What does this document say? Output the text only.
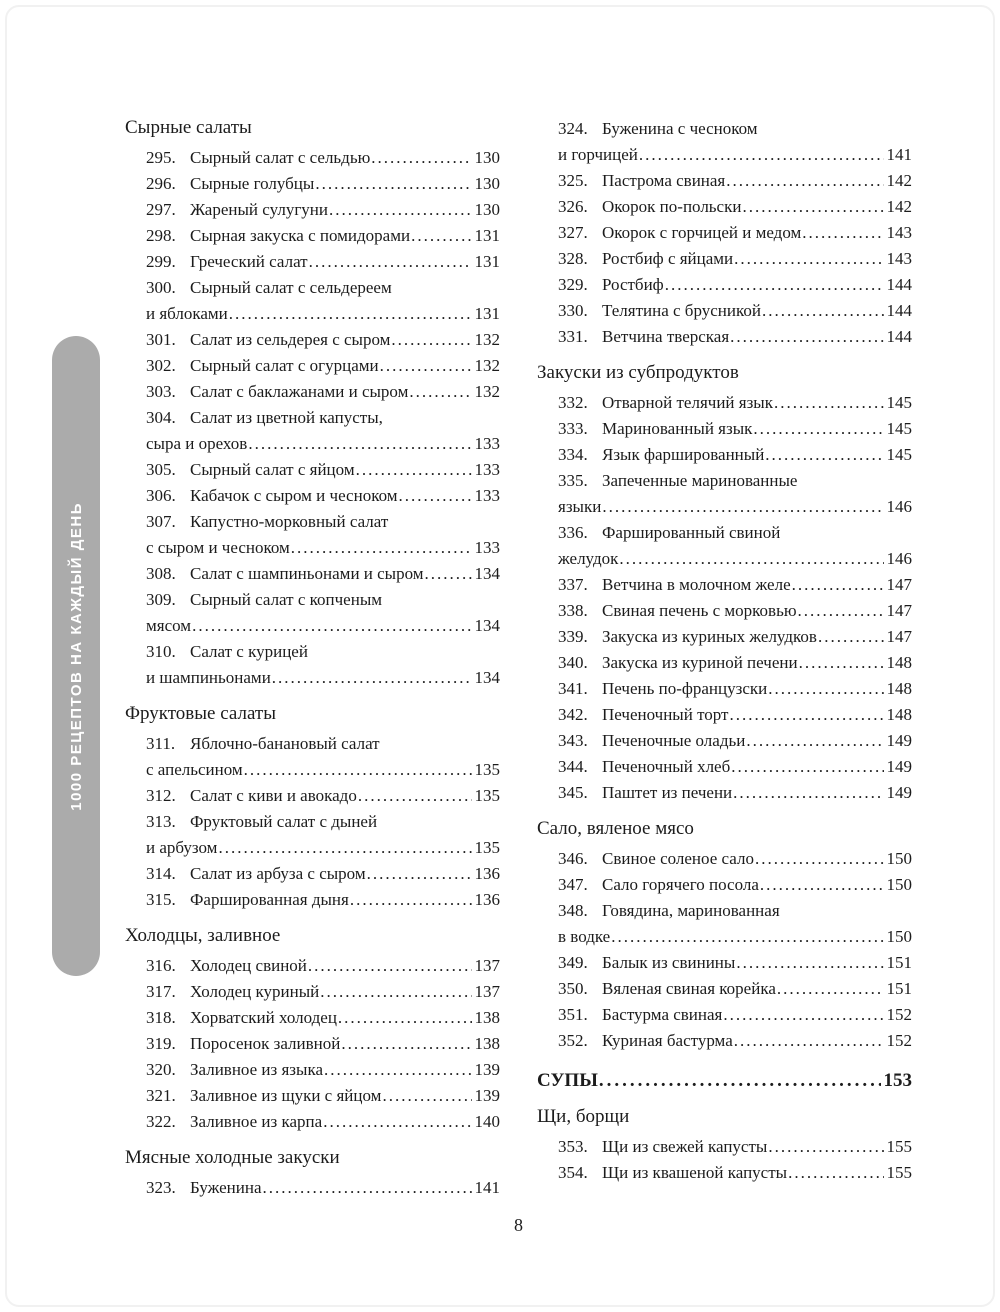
1000 РЕЦЕПТОВ НА КАЖДЫЙ ДЕНЬ
Сырные салаты
295. Сырный салат с сельдью .....	130
296. Сырные голубцы .....	130
297. Жареный сулугуни .....	130
298. Сырная закуска с помидорами .....	131
299. Греческий салат .....	131
300. Сырный салат с сельдереем
и яблоками .....	131
301. Салат из сельдерея с сыром .....	132
302. Сырный салат с огурцами .....	132
303. Салат с баклажанами и сыром .....	132
304. Салат из цветной капусты,
сыра и орехов .....	133
305. Сырный салат с яйцом .....	133
306. Кабачок с сыром и чесноком .....	133
307. Капустно-морковный салат
с сыром и чесноком .....	133
308. Салат с шампиньонами и сыром .....	134
309. Сырный салат с копченым
мясом .....	134
310. Салат с курицей
и шампиньонами .....	134
Фруктовые салаты
311. Яблочно-банановый салат
с апельсином .....	135
312. Салат с киви и авокадо .....	135
313. Фруктовый салат с дыней
и арбузом .....	135
314. Салат из арбуза с сыром .....	136
315. Фаршированная дыня .....	136
Холодцы, заливное
316. Холодец свиной .....	137
317. Холодец куриный .....	137
318. Хорватский холодец .....	138
319. Поросенок заливной .....	138
320. Заливное из языка .....	139
321. Заливное из щуки с яйцом .....	139
322. Заливное из карпа .....	140
Мясные холодные закуски
323. Буженина .....	141
324. Буженина с чесноком
и горчицей .....	141
325. Пастрома свиная .....	142
326. Окорок по-польски .....	142
327. Окорок с горчицей и медом .....	143
328. Ростбиф с яйцами .....	143
329. Ростбиф .....	144
330. Телятина с брусникой .....	144
331. Ветчина тверская .....	144
Закуски из субпродуктов
332. Отварной телячий язык .....	145
333. Маринованный язык .....	145
334. Язык фаршированный .....	145
335. Запеченные маринованные
языки .....	146
336. Фаршированный свиной
желудок .....	146
337. Ветчина в молочном желе .....	147
338. Свиная печень с морковью .....	147
339. Закуска из куриных желудков .....	147
340. Закуска из куриной печени .....	148
341. Печень по-французски .....	148
342. Печеночный торт .....	148
343. Печеночные оладьи .....	149
344. Печеночный хлеб .....	149
345. Паштет из печени .....	149
Сало, вяленое мясо
346. Свиное соленое сало .....	150
347. Сало горячего посола .....	150
348. Говядина, маринованная
в водке .....	150
349. Балык из свинины .....	151
350. Вяленая свиная корейка .....	151
351. Бастурма свиная .....	152
352. Куриная бастурма .....	152
СУПЫ .....	153
Щи, борщи
353. Щи из свежей капусты .....	155
354. Щи из квашеной капусты .....	155
8
